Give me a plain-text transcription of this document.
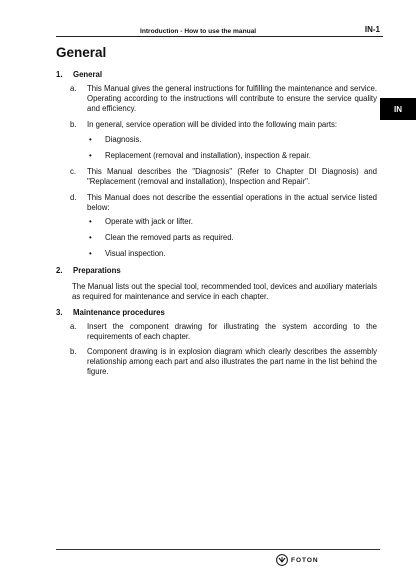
Introduction - How to use the manual	IN-1
IN
General
1. General
a. This Manual gives the general instructions for fulfilling the maintenance and service. Operating according to the instructions will contribute to ensure the service quality and efficiency.
b. In general, service operation will be divided into the following main parts:
• Diagnosis.
• Replacement (removal and installation), inspection & repair.
c. This Manual describes the "Diagnosis" (Refer to Chapter DI Diagnosis) and "Replacement (removal and installation), Inspection and Repair".
d. This Manual does not describe the essential operations in the actual service listed below:
• Operate with jack or lifter.
• Clean the removed parts as required.
• Visual inspection.
2. Preparations
The Manual lists out the special tool, recommended tool, devices and auxiliary materials as required for maintenance and service in each chapter.
3. Maintenance procedures
a. Insert the component drawing for illustrating the system according to the requirements of each chapter.
b. Component drawing is in explosion diagram which clearly describes the assembly relationship among each part and also illustrates the part name in the list behind the figure.
FOTON
